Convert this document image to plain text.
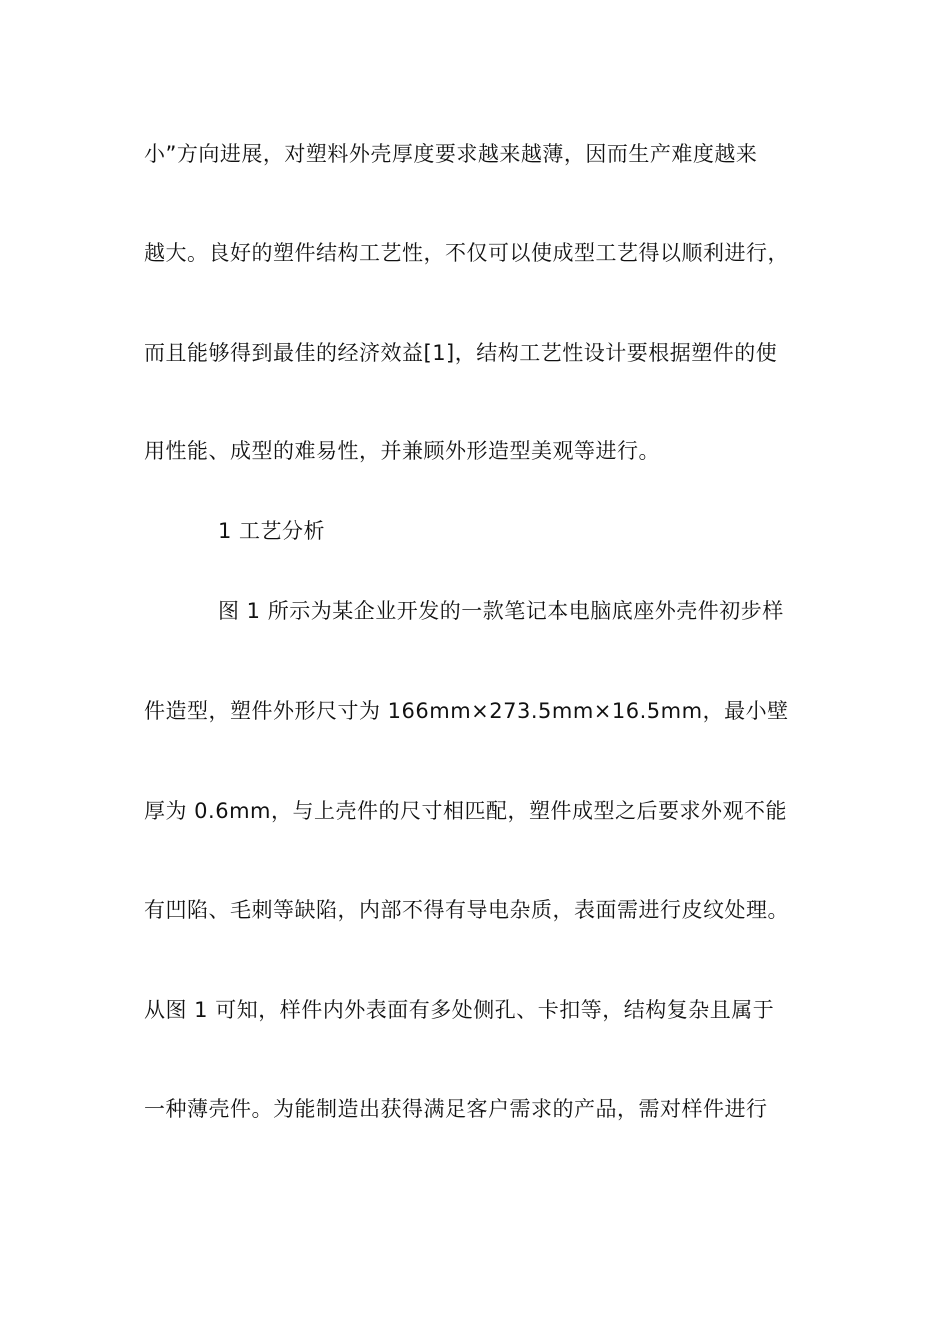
小”方向进展，对塑料外壳厚度要求越来越薄，因而生产难度越来
越大。良好的塑件结构工艺性，不仅可以使成型工艺得以顺利进行，
而且能够得到最佳的经济效益[1]，结构工艺性设计要根据塑件的使
用性能、成型的难易性，并兼顾外形造型美观等进行。
1 工艺分析
图 1 所示为某企业开发的一款笔记本电脑底座外壳件初步样
件造型，塑件外形尺寸为 166mm×273.5mm×16.5mm，最小壁
厚为 0.6mm，与上壳件的尺寸相匹配，塑件成型之后要求外观不能
有凹陷、毛刺等缺陷，内部不得有导电杂质，表面需进行皮纹处理。
从图 1 可知，样件内外表面有多处侧孔、卡扣等，结构复杂且属于
一种薄壳件。为能制造出获得满足客户需求的产品，需对样件进行
